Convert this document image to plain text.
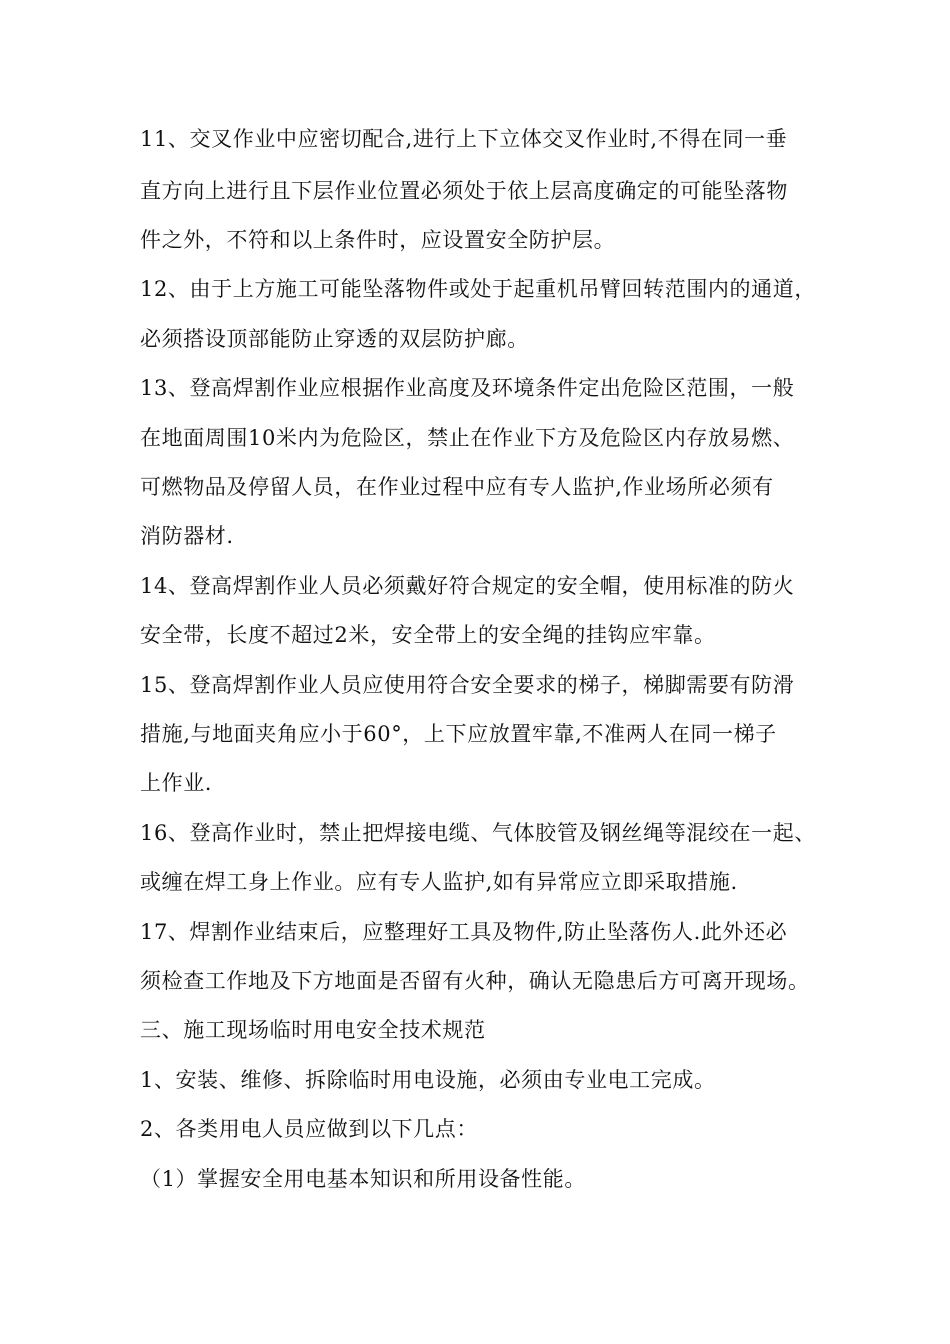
11、交叉作业中应密切配合,进行上下立体交叉作业时,不得在同一垂
直方向上进行且下层作业位置必须处于依上层高度确定的可能坠落物
件之外，不符和以上条件时，应设置安全防护层。
12、由于上方施工可能坠落物件或处于起重机吊臂回转范围内的通道，
必须搭设顶部能防止穿透的双层防护廊。
13、登高焊割作业应根据作业高度及环境条件定出危险区范围，一般
在地面周围10米内为危险区，禁止在作业下方及危险区内存放易燃、
可燃物品及停留人员，在作业过程中应有专人监护,作业场所必须有
消防器材.
14、登高焊割作业人员必须戴好符合规定的安全帽，使用标准的防火
安全带，长度不超过2米，安全带上的安全绳的挂钩应牢靠。
15、登高焊割作业人员应使用符合安全要求的梯子，梯脚需要有防滑
措施,与地面夹角应小于60°，上下应放置牢靠,不准两人在同一梯子
上作业.
16、登高作业时，禁止把焊接电缆、气体胶管及钢丝绳等混绞在一起、
或缠在焊工身上作业。应有专人监护,如有异常应立即采取措施.
17、焊割作业结束后，应整理好工具及物件,防止坠落伤人.此外还必
须检查工作地及下方地面是否留有火种，确认无隐患后方可离开现场。
三、施工现场临时用电安全技术规范
1、安装、维修、拆除临时用电设施，必须由专业电工完成。
2、各类用电人员应做到以下几点：
（1）掌握安全用电基本知识和所用设备性能。
